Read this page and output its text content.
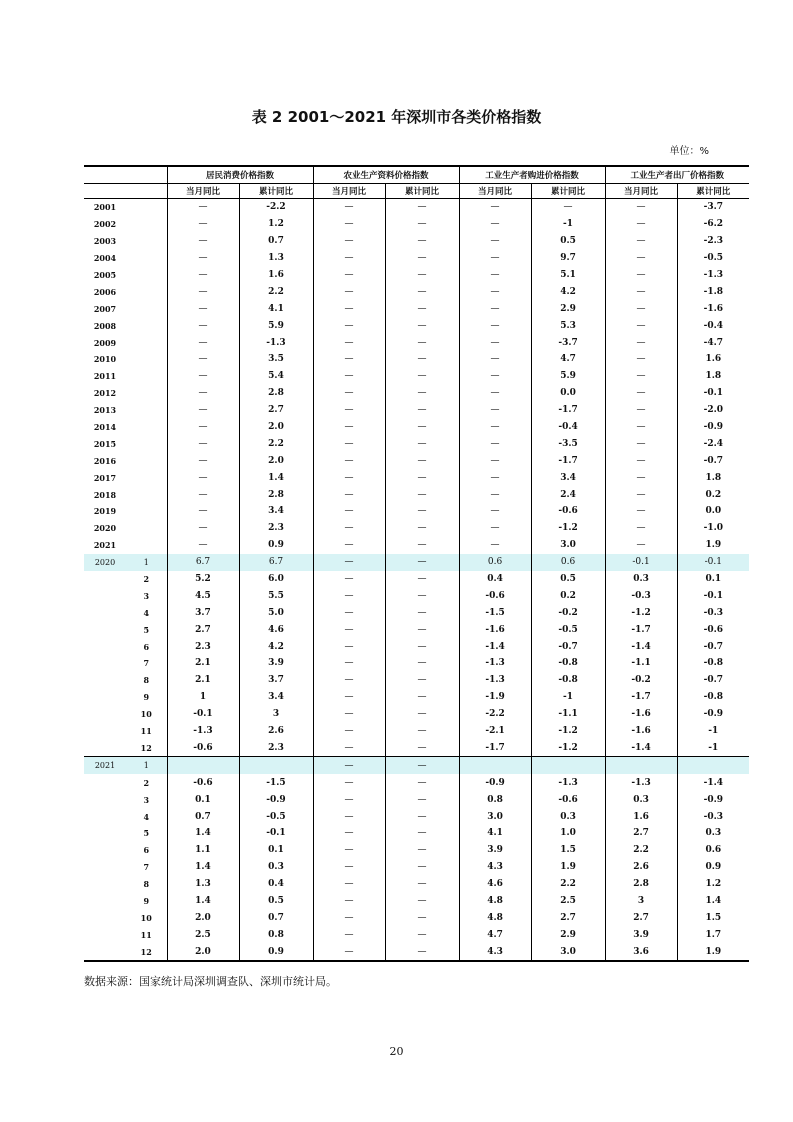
表 2 2001～2021 年深圳市各类价格指数
单位：%
		居民消费价格指数		农业生产资料价格指数		工业生产者购进价格指数		工业生产者出厂价格指数	
		当月同比	累计同比	当月同比	累计同比	当月同比	累计同比	当月同比	累计同比
2001		—	-2.2	—	—	—	—	—	-3.7
2002		—	1.2	—	—	—	-1	—	-6.2
2003		—	0.7	—	—	—	0.5	—	-2.3
2004		—	1.3	—	—	—	9.7	—	-0.5
2005		—	1.6	—	—	—	5.1	—	-1.3
2006		—	2.2	—	—	—	4.2	—	-1.8
2007		—	4.1	—	—	—	2.9	—	-1.6
2008		—	5.9	—	—	—	5.3	—	-0.4
2009		—	-1.3	—	—	—	-3.7	—	-4.7
2010		—	3.5	—	—	—	4.7	—	1.6
2011		—	5.4	—	—	—	5.9	—	1.8
2012		—	2.8	—	—	—	0.0	—	-0.1
2013		—	2.7	—	—	—	-1.7	—	-2.0
2014		—	2.0	—	—	—	-0.4	—	-0.9
2015		—	2.2	—	—	—	-3.5	—	-2.4
2016		—	2.0	—	—	—	-1.7	—	-0.7
2017		—	1.4	—	—	—	3.4	—	1.8
2018		—	2.8	—	—	—	2.4	—	0.2
2019		—	3.4	—	—	—	-0.6	—	0.0
2020		—	2.3	—	—	—	-1.2	—	-1.0
2021		—	0.9	—	—	—	3.0	—	1.9
2020	1	6.7	6.7	—	—	0.6	0.6	-0.1	-0.1
	2	5.2	6.0	—	—	0.4	0.5	0.3	0.1
	3	4.5	5.5	—	—	-0.6	0.2	-0.3	-0.1
	4	3.7	5.0	—	—	-1.5	-0.2	-1.2	-0.3
	5	2.7	4.6	—	—	-1.6	-0.5	-1.7	-0.6
	6	2.3	4.2	—	—	-1.4	-0.7	-1.4	-0.7
	7	2.1	3.9	—	—	-1.3	-0.8	-1.1	-0.8
	8	2.1	3.7	—	—	-1.3	-0.8	-0.2	-0.7
	9	1	3.4	—	—	-1.9	-1	-1.7	-0.8
	10	-0.1	3	—	—	-2.2	-1.1	-1.6	-0.9
	11	-1.3	2.6	—	—	-2.1	-1.2	-1.6	-1
	12	-0.6	2.3	—	—	-1.7	-1.2	-1.4	-1
2021	1			—	—				
	2	-0.6	-1.5	—	—	-0.9	-1.3	-1.3	-1.4
	3	0.1	-0.9	—	—	0.8	-0.6	0.3	-0.9
	4	0.7	-0.5	—	—	3.0	0.3	1.6	-0.3
	5	1.4	-0.1	—	—	4.1	1.0	2.7	0.3
	6	1.1	0.1	—	—	3.9	1.5	2.2	0.6
	7	1.4	0.3	—	—	4.3	1.9	2.6	0.9
	8	1.3	0.4	—	—	4.6	2.2	2.8	1.2
	9	1.4	0.5	—	—	4.8	2.5	3	1.4
	10	2.0	0.7	—	—	4.8	2.7	2.7	1.5
	11	2.5	0.8	—	—	4.7	2.9	3.9	1.7
	12	2.0	0.9	—	—	4.3	3.0	3.6	1.9
数据来源：国家统计局深圳调查队、深圳市统计局。
20
